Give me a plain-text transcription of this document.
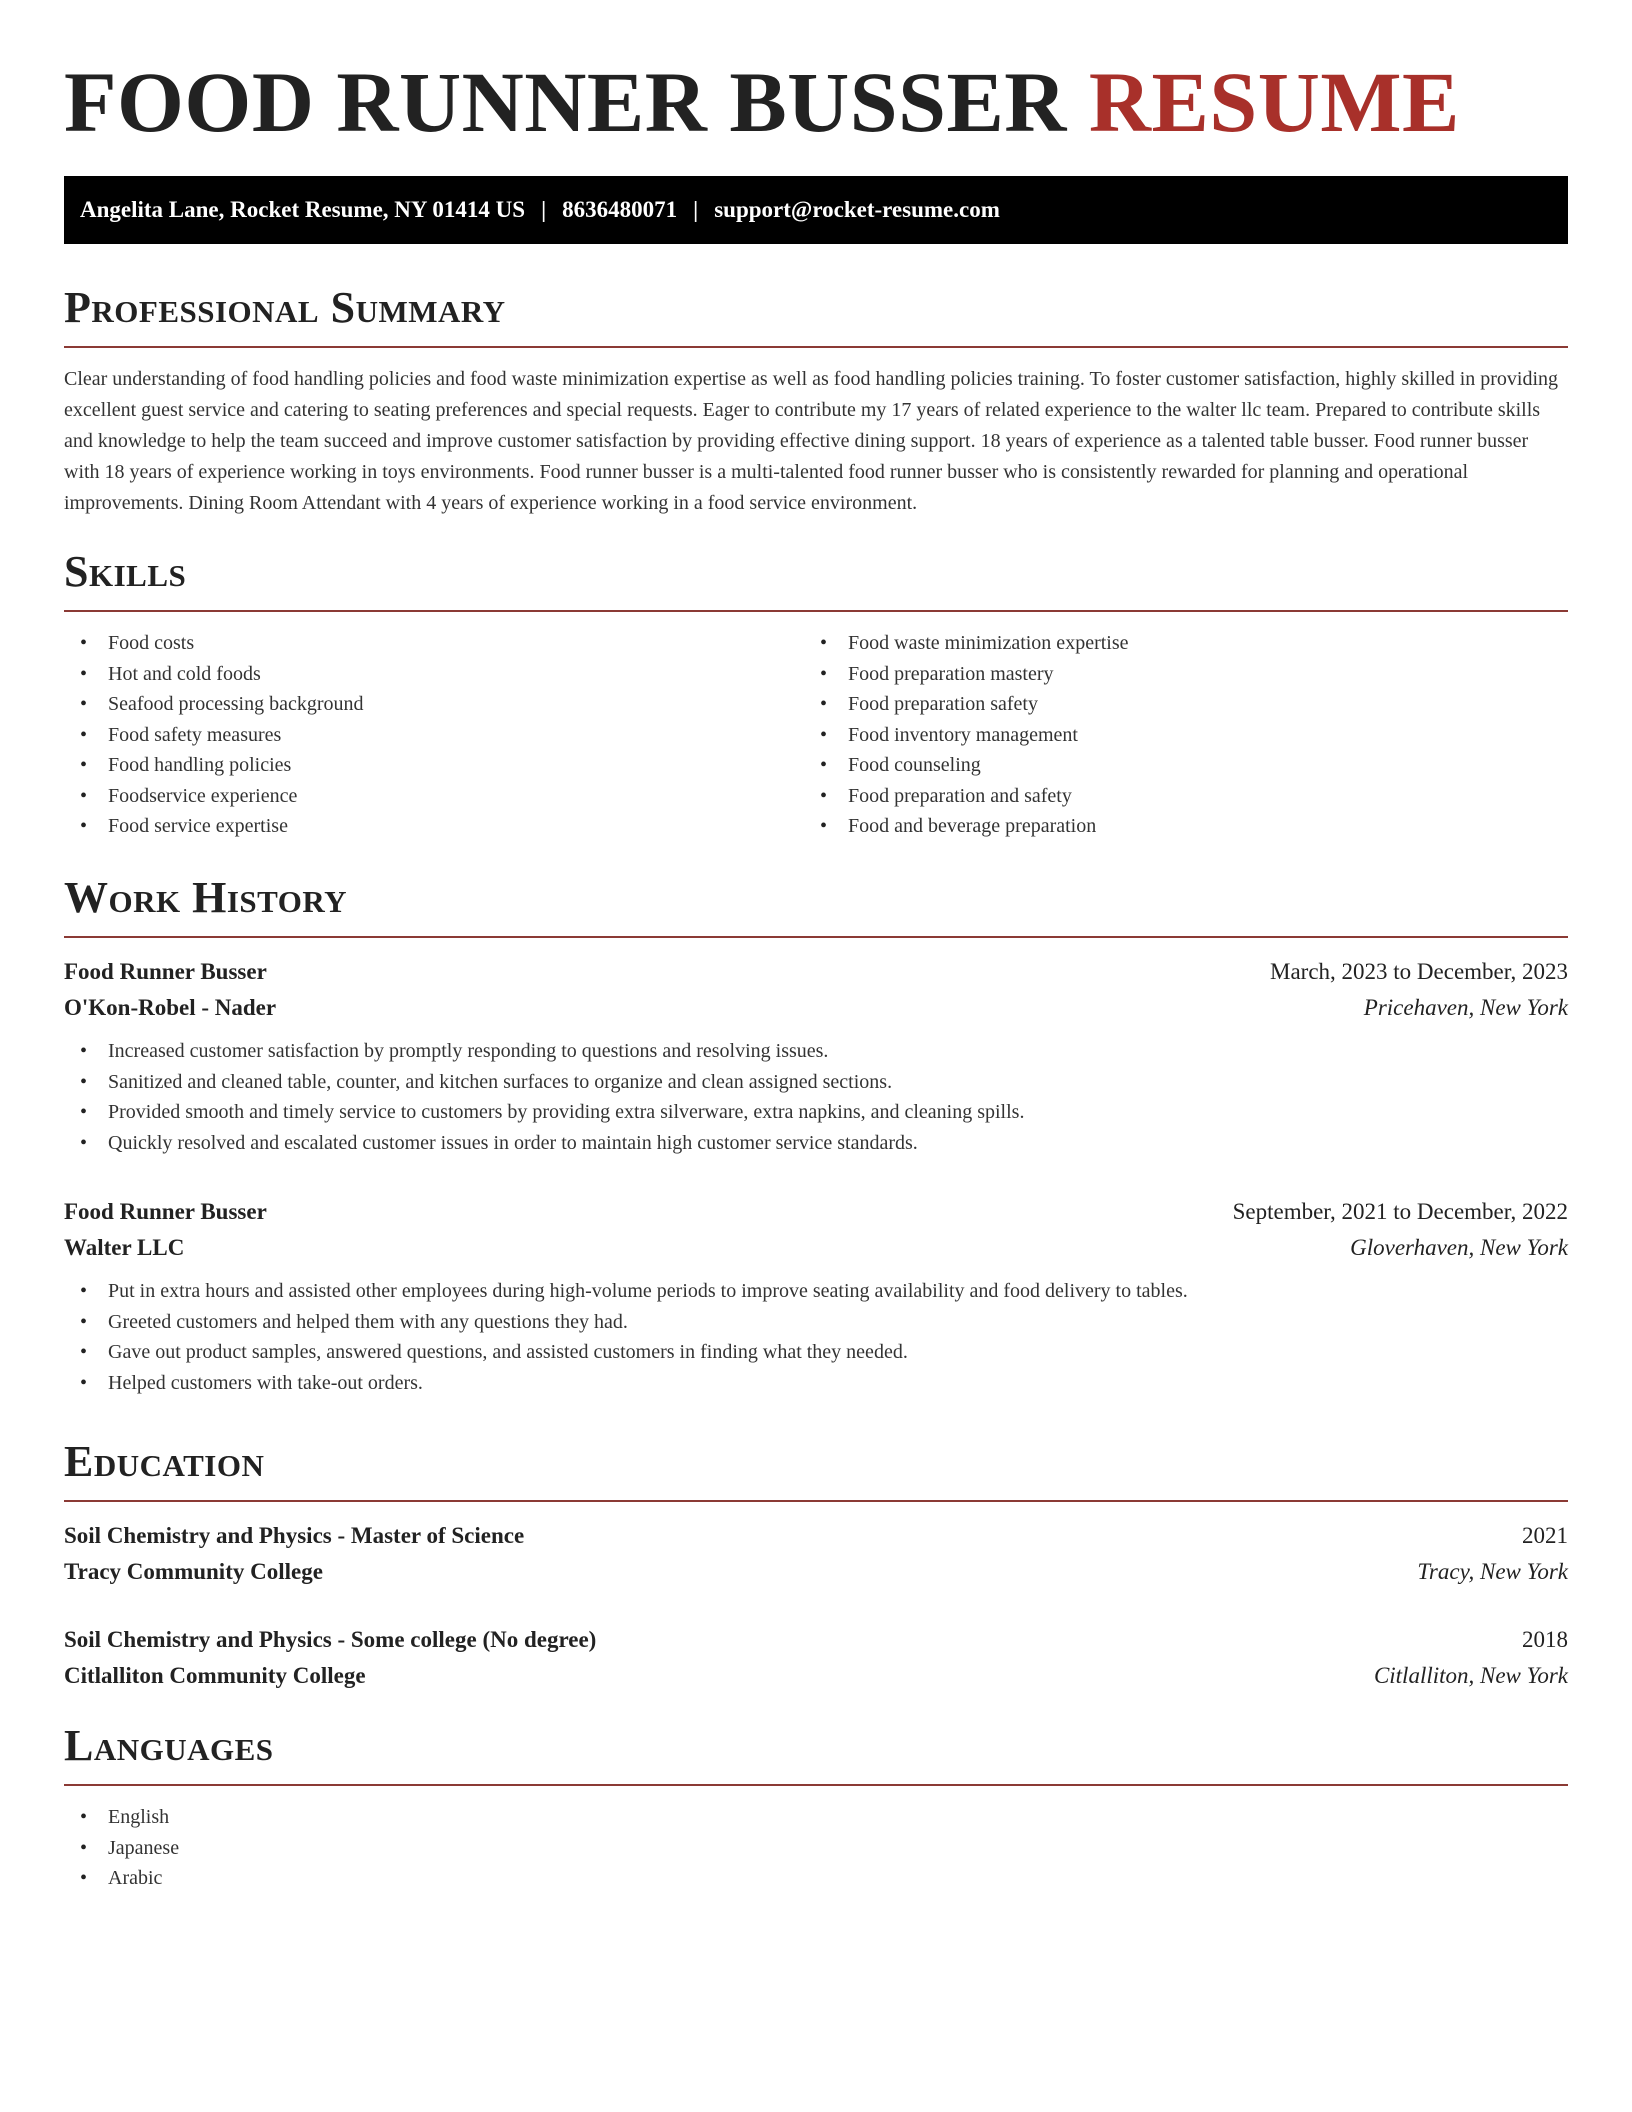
FOOD RUNNER BUSSER RESUME
Angelita Lane, Rocket Resume, NY 01414 US | 8636480071 | support@rocket-resume.com
Professional Summary

Clear understanding of food handling policies and food waste minimization expertise as well as food handling policies training. To foster customer satisfaction, highly skilled in providing excellent guest service and catering to seating preferences and special requests. Eager to contribute my 17 years of related experience to the walter llc team. Prepared to contribute skills and knowledge to help the team succeed and improve customer satisfaction by providing effective dining support. 18 years of experience as a talented table busser. Food runner busser with 18 years of experience working in toys environments. Food runner busser is a multi-talented food runner busser who is consistently rewarded for planning and operational improvements. Dining Room Attendant with 4 years of experience working in a food service environment.

Skills
• Food costs
• Hot and cold foods
• Seafood processing background
• Food safety measures
• Food handling policies
• Foodservice experience
• Food service expertise
• Food waste minimization expertise
• Food preparation mastery
• Food preparation safety
• Food inventory management
• Food counseling
• Food preparation and safety
• Food and beverage preparation
Work History
Food Runner Busser	March, 2023 to December, 2023
O'Kon-Robel - Nader	Pricehaven, New York
• Increased customer satisfaction by promptly responding to questions and resolving issues.
• Sanitized and cleaned table, counter, and kitchen surfaces to organize and clean assigned sections.
• Provided smooth and timely service to customers by providing extra silverware, extra napkins, and cleaning spills.
• Quickly resolved and escalated customer issues in order to maintain high customer service standards.
Food Runner Busser	September, 2021 to December, 2022
Walter LLC	Gloverhaven, New York
• Put in extra hours and assisted other employees during high-volume periods to improve seating availability and food delivery to tables.
• Greeted customers and helped them with any questions they had.
• Gave out product samples, answered questions, and assisted customers in finding what they needed.
• Helped customers with take-out orders.
Education
Soil Chemistry and Physics - Master of Science	2021
Tracy Community College	Tracy, New York
Soil Chemistry and Physics - Some college (No degree)	2018
Citlalliton Community College	Citlalliton, New York
Languages
• English
• Japanese
• Arabic
